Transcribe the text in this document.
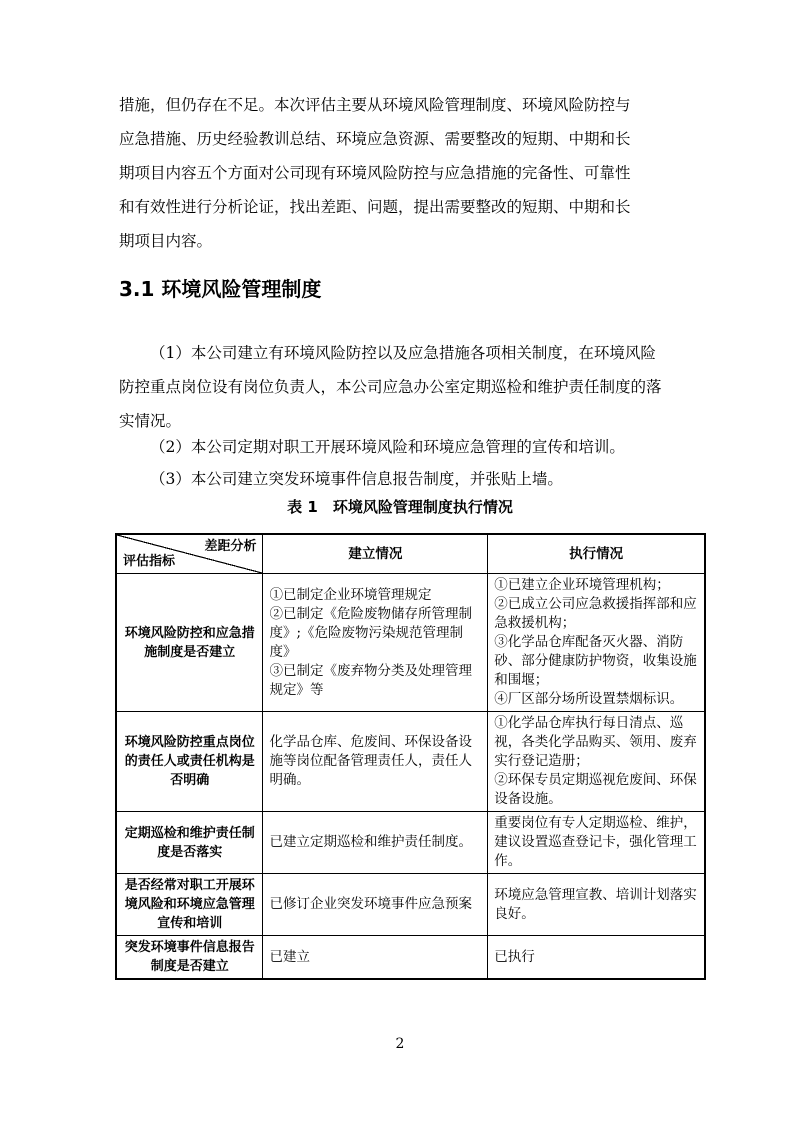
措施，但仍存在不足。本次评估主要从环境风险管理制度、环境风险防控与

应急措施、历史经验教训总结、环境应急资源、需要整改的短期、中期和长

期项目内容五个方面对公司现有环境风险防控与应急措施的完备性、可靠性

和有效性进行分析论证，找出差距、问题，提出需要整改的短期、中期和长

期项目内容。

3.1 环境风险管理制度

（1）本公司建立有环境风险防控以及应急措施各项相关制度，在环境风险

防控重点岗位设有岗位负责人，本公司应急办公室定期巡检和维护责任制度的落

实情况。

（2）本公司定期对职工开展环境风险和环境应急管理的宣传和培训。

（3）本公司建立突发环境事件信息报告制度，并张贴上墙。

表 1　环境风险管理制度执行情况
差距分析
评估指标	建立情况	执行情况
环境风险防控和应急措施制度是否建立	①已制定企业环境管理规定
②已制定《危险废物储存所管理制度》;《危险废物污染规范管理制度》
③已制定《废弃物分类及处理管理规定》等	①已建立企业环境管理机构；
②已成立公司应急救援指挥部和应急救援机构；
③化学品仓库配备灭火器、消防砂、部分健康防护物资，收集设施和围堰；
④厂区部分场所设置禁烟标识。

环境风险防控重点岗位的责任人或责任机构是否明确	化学品仓库、危废间、环保设备设施等岗位配备管理责任人，责任人明确。	①化学品仓库执行每日清点、巡视，各类化学品购买、领用、废弃实行登记造册；
②环保专员定期巡视危废间、环保设备设施。

定期巡检和维护责任制度是否落实	已建立定期巡检和维护责任制度。	重要岗位有专人定期巡检、维护，建议设置巡查登记卡，强化管理工作。

是否经常对职工开展环境风险和环境应急管理宣传和培训	已修订企业突发环境事件应急预案	环境应急管理宣教、培训计划落实良好。

突发环境事件信息报告制度是否建立	已建立	已执行
2
